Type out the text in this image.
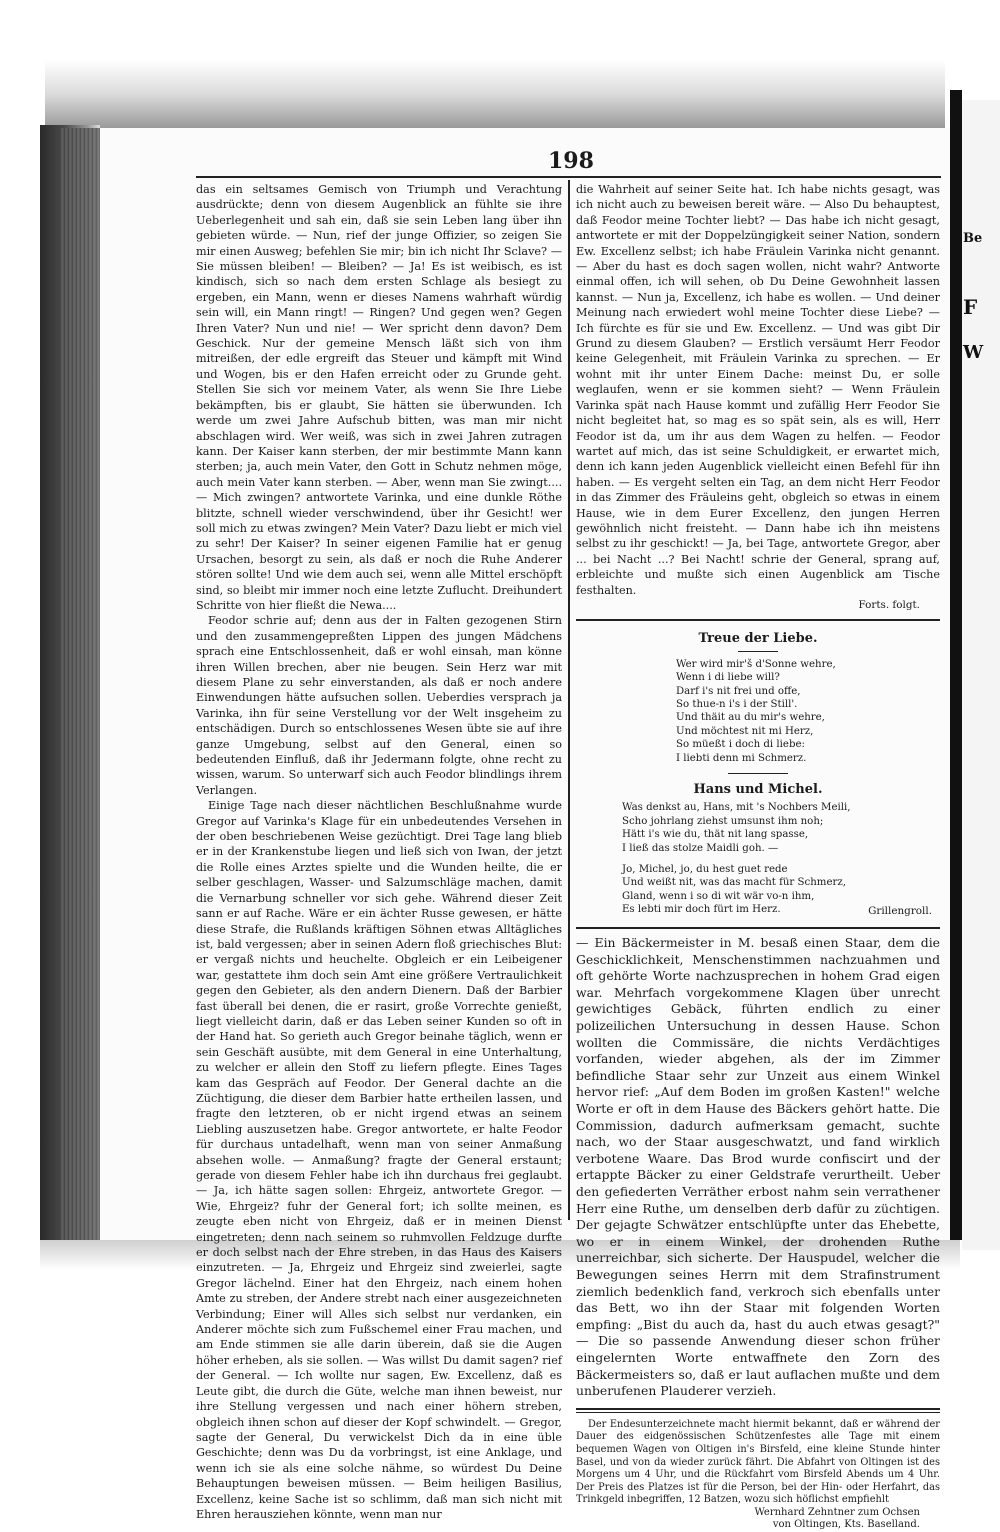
Be
F
W
198

das ein seltsames Gemisch von Triumph und Verachtung ausdrückte; denn von diesem Augenblick an fühlte sie ihre Ueberlegenheit und sah ein, daß sie sein Leben lang über ihn gebieten würde. — Nun, rief der junge Offizier, so zeigen Sie mir einen Ausweg; befehlen Sie mir; bin ich nicht Ihr Sclave? — Sie müssen bleiben! — Bleiben? — Ja! Es ist weibisch, es ist kindisch, sich so nach dem ersten Schlage als besiegt zu ergeben, ein Mann, wenn er dieses Namens wahrhaft würdig sein will, ein Mann ringt! — Ringen? Und gegen wen? Gegen Ihren Vater? Nun und nie! — Wer spricht denn davon? Dem Geschick. Nur der gemeine Mensch läßt sich von ihm mitreißen, der edle ergreift das Steuer und kämpft mit Wind und Wogen, bis er den Hafen erreicht oder zu Grunde geht. Stellen Sie sich vor meinem Vater, als wenn Sie Ihre Liebe bekämpften, bis er glaubt, Sie hätten sie überwunden. Ich werde um zwei Jahre Aufschub bitten, was man mir nicht abschlagen wird. Wer weiß, was sich in zwei Jahren zutragen kann. Der Kaiser kann sterben, der mir bestimmte Mann kann sterben; ja, auch mein Vater, den Gott in Schutz nehmen möge, auch mein Vater kann sterben. — Aber, wenn man Sie zwingt.... — Mich zwingen? antwortete Varinka, und eine dunkle Röthe blitzte, schnell wieder verschwindend, über ihr Gesicht! wer soll mich zu etwas zwingen? Mein Vater? Dazu liebt er mich viel zu sehr! Der Kaiser? In seiner eigenen Familie hat er genug Ursachen, besorgt zu sein, als daß er noch die Ruhe Anderer stören sollte! Und wie dem auch sei, wenn alle Mittel erschöpft sind, so bleibt mir immer noch eine letzte Zuflucht. Dreihundert Schritte von hier fließt die Newa....

Feodor schrie auf; denn aus der in Falten gezogenen Stirn und den zusammengepreßten Lippen des jungen Mädchens sprach eine Entschlossenheit, daß er wohl einsah, man könne ihren Willen brechen, aber nie beugen. Sein Herz war mit diesem Plane zu sehr einverstanden, als daß er noch andere Einwendungen hätte aufsuchen sollen. Ueberdies versprach ja Varinka, ihn für seine Verstellung vor der Welt insgeheim zu entschädigen. Durch so entschlossenes Wesen übte sie auf ihre ganze Umgebung, selbst auf den General, einen so bedeutenden Einfluß, daß ihr Jedermann folgte, ohne recht zu wissen, warum. So unterwarf sich auch Feodor blindlings ihrem Verlangen.

Einige Tage nach dieser nächtlichen Beschlußnahme wurde Gregor auf Varinka's Klage für ein unbedeutendes Versehen in der oben beschriebenen Weise gezüchtigt. Drei Tage lang blieb er in der Krankenstube liegen und ließ sich von Iwan, der jetzt die Rolle eines Arztes spielte und die Wunden heilte, die er selber geschlagen, Wasser- und Salzumschläge machen, damit die Vernarbung schneller vor sich gehe. Während dieser Zeit sann er auf Rache. Wäre er ein ächter Russe gewesen, er hätte diese Strafe, die Rußlands kräftigen Söhnen etwas Alltägliches ist, bald vergessen; aber in seinen Adern floß griechisches Blut: er vergaß nichts und heuchelte. Obgleich er ein Leibeigener war, gestattete ihm doch sein Amt eine größere Vertraulichkeit gegen den Gebieter, als den andern Dienern. Daß der Barbier fast überall bei denen, die er rasirt, große Vorrechte genießt, liegt vielleicht darin, daß er das Leben seiner Kunden so oft in der Hand hat. So gerieth auch Gregor beinahe täglich, wenn er sein Geschäft ausübte, mit dem General in eine Unterhaltung, zu welcher er allein den Stoff zu liefern pflegte. Eines Tages kam das Gespräch auf Feodor. Der General dachte an die Züchtigung, die dieser dem Barbier hatte ertheilen lassen, und fragte den letzteren, ob er nicht irgend etwas an seinem Liebling auszusetzen habe. Gregor antwortete, er halte Feodor für durchaus untadelhaft, wenn man von seiner Anmaßung absehen wolle. — Anmaßung? fragte der General erstaunt; gerade von diesem Fehler habe ich ihn durchaus frei geglaubt. — Ja, ich hätte sagen sollen: Ehrgeiz, antwortete Gregor. — Wie, Ehrgeiz? fuhr der General fort; ich sollte meinen, es zeugte eben nicht von Ehrgeiz, daß er in meinen Dienst eingetreten; denn nach seinem so ruhmvollen Feldzuge durfte er doch selbst nach der Ehre streben, in das Haus des Kaisers einzutreten. — Ja, Ehrgeiz und Ehrgeiz sind zweierlei, sagte Gregor lächelnd. Einer hat den Ehrgeiz, nach einem hohen Amte zu streben, der Andere strebt nach einer ausgezeichneten Verbindung; Einer will Alles sich selbst nur verdanken, ein Anderer möchte sich zum Fußschemel einer Frau machen, und am Ende stimmen sie alle darin überein, daß sie die Augen höher erheben, als sie sollen. — Was willst Du damit sagen? rief der General. — Ich wollte nur sagen, Ew. Excellenz, daß es Leute gibt, die durch die Güte, welche man ihnen beweist, nur ihre Stellung vergessen und nach einer höhern streben, obgleich ihnen schon auf dieser der Kopf schwindelt. — Gregor, sagte der General, Du verwickelst Dich da in eine üble Geschichte; denn was Du da vorbringst, ist eine Anklage, und wenn ich sie als eine solche nähme, so würdest Du Deine Behauptungen beweisen müssen. — Beim heiligen Basilius, Excellenz, keine Sache ist so schlimm, daß man sich nicht mit Ehren herausziehen könnte, wenn man nur

die Wahrheit auf seiner Seite hat. Ich habe nichts gesagt, was ich nicht auch zu beweisen bereit wäre. — Also Du behauptest, daß Feodor meine Tochter liebt? — Das habe ich nicht gesagt, antwortete er mit der Doppelzüngigkeit seiner Nation, sondern Ew. Excellenz selbst; ich habe Fräulein Varinka nicht genannt. — Aber du hast es doch sagen wollen, nicht wahr? Antworte einmal offen, ich will sehen, ob Du Deine Gewohnheit lassen kannst. — Nun ja, Excellenz, ich habe es wollen. — Und deiner Meinung nach erwiedert wohl meine Tochter diese Liebe? — Ich fürchte es für sie und Ew. Excellenz. — Und was gibt Dir Grund zu diesem Glauben? — Erstlich versäumt Herr Feodor keine Gelegenheit, mit Fräulein Varinka zu sprechen. — Er wohnt mit ihr unter Einem Dache: meinst Du, er solle weglaufen, wenn er sie kommen sieht? — Wenn Fräulein Varinka spät nach Hause kommt und zufällig Herr Feodor Sie nicht begleitet hat, so mag es so spät sein, als es will, Herr Feodor ist da, um ihr aus dem Wagen zu helfen. — Feodor wartet auf mich, das ist seine Schuldigkeit, er erwartet mich, denn ich kann jeden Augenblick vielleicht einen Befehl für ihn haben. — Es vergeht selten ein Tag, an dem nicht Herr Feodor in das Zimmer des Fräuleins geht, obgleich so etwas in einem Hause, wie in dem Eurer Excellenz, den jungen Herren gewöhnlich nicht freisteht. — Dann habe ich ihn meistens selbst zu ihr geschickt! — Ja, bei Tage, antwortete Gregor, aber ... bei Nacht ...? Bei Nacht! schrie der General, sprang auf, erbleichte und mußte sich einen Augenblick am Tische festhalten.

Forts. folgt.

Treue der Liebe.

Wer wird mir'š d'Sonne wehre,
Wenn i di liebe will?
Darf i's nit frei und offe,
So thue-n i's i der Still'.
Und thäit au du mir's wehre,
Und möchtest nit mi Herz,
So müeßt i doch di liebe:
I liebti denn mi Schmerz.

Hans und Michel.

Was denkst au, Hans, mit 's Nochbers Meili,
Scho johrlang ziehst umsunst ihm noh;
Hätt i's wie du, thät nit lang spasse,
I ließ das stolze Maidli goh. —
Jo, Michel, jo, du hest guet rede
Und weißt nit, was das macht für Schmerz,
Gland, wenn i so di wit wär vo-n ihm,
Es lebti mir doch fürt im Herz.	Grillengroll.

— Ein Bäckermeister in M. besaß einen Staar, dem die Geschicklichkeit, Menschenstimmen nachzuahmen und oft gehörte Worte nachzusprechen in hohem Grad eigen war. Mehrfach vorgekommene Klagen über unrecht gewichtiges Gebäck, führten endlich zu einer polizeilichen Untersuchung in dessen Hause. Schon wollten die Commissäre, die nichts Verdächtiges vorfanden, wieder abgehen, als der im Zimmer befindliche Staar sehr zur Unzeit aus einem Winkel hervor rief: „Auf dem Boden im großen Kasten!" welche Worte er oft in dem Hause des Bäckers gehört hatte. Die Commission, dadurch aufmerksam gemacht, suchte nach, wo der Staar ausgeschwatzt, und fand wirklich verbotene Waare. Das Brod wurde confiscirt und der ertappte Bäcker zu einer Geldstrafe verurtheilt. Ueber den gefiederten Verräther erbost nahm sein verrathener Herr eine Ruthe, um denselben derb dafür zu züchtigen. Der gejagte Schwätzer entschlüpfte unter das Ehebette, wo er in einem Winkel, der drohenden Ruthe unerreichbar, sich sicherte. Der Hauspudel, welcher die Bewegungen seines Herrn mit dem Strafinstrument ziemlich bedenklich fand, verkroch sich ebenfalls unter das Bett, wo ihn der Staar mit folgenden Worten empfing: „Bist du auch da, hast du auch etwas gesagt?" — Die so passende Anwendung dieser schon früher eingelernten Worte entwaffnete den Zorn des Bäckermeisters so, daß er laut auflachen mußte und dem unberufenen Plauderer verzieh.

Der Endesunterzeichnete macht hiermit bekannt, daß er während der Dauer des eidgenössischen Schützenfestes alle Tage mit einem bequemen Wagen von Oltigen in's Birsfeld, eine kleine Stunde hinter Basel, und von da wieder zurück fährt. Die Abfahrt von Oltingen ist des Morgens um 4 Uhr, und die Rückfahrt vom Birsfeld Abends um 4 Uhr. Der Preis des Platzes ist für die Person, bei der Hin- oder Herfahrt, das Trinkgeld inbegriffen, 12 Batzen, wozu sich höflichst empfiehlt

Wernhard Zehntner zum Ochsen
von Oltingen, Kts. Baselland.
